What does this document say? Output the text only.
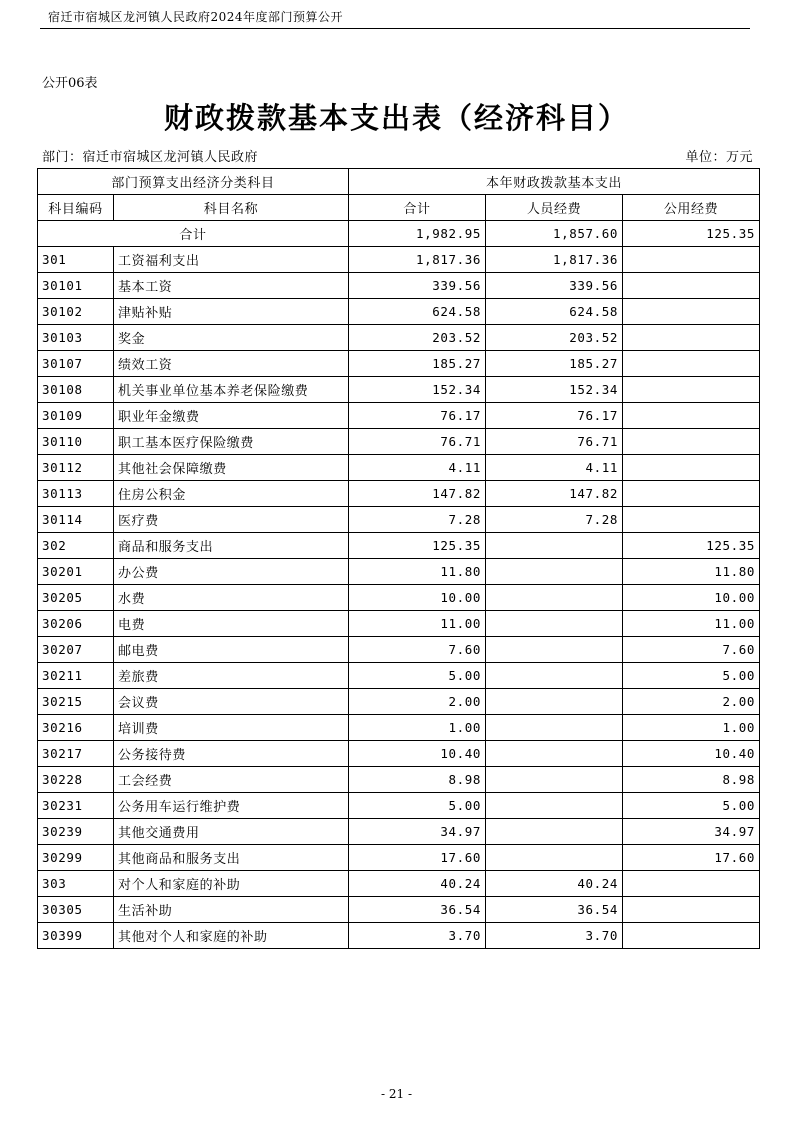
宿迁市宿城区龙河镇人民政府2024年度部门预算公开
公开06表
财政拨款基本支出表（经济科目）
部门：宿迁市宿城区龙河镇人民政府	单位：万元
部门预算支出经济分类科目		本年财政拨款基本支出		
科目编码	科目名称	合计	人员经费	公用经费
合计		1,982.95	1,857.60	125.35
301	工资福利支出	1,817.36	1,817.36	
30101	基本工资	339.56	339.56	
30102	津贴补贴	624.58	624.58	
30103	奖金	203.52	203.52	
30107	绩效工资	185.27	185.27	
30108	机关事业单位基本养老保险缴费	152.34	152.34	
30109	职业年金缴费	76.17	76.17	
30110	职工基本医疗保险缴费	76.71	76.71	
30112	其他社会保障缴费	4.11	4.11	
30113	住房公积金	147.82	147.82	
30114	医疗费	7.28	7.28	
302	商品和服务支出	125.35		125.35
30201	办公费	11.80		11.80
30205	水费	10.00		10.00
30206	电费	11.00		11.00
30207	邮电费	7.60		7.60
30211	差旅费	5.00		5.00
30215	会议费	2.00		2.00
30216	培训费	1.00		1.00
30217	公务接待费	10.40		10.40
30228	工会经费	8.98		8.98
30231	公务用车运行维护费	5.00		5.00
30239	其他交通费用	34.97		34.97
30299	其他商品和服务支出	17.60		17.60
303	对个人和家庭的补助	40.24	40.24	
30305	生活补助	36.54	36.54	
30399	其他对个人和家庭的补助	3.70	3.70	
- 21 -
